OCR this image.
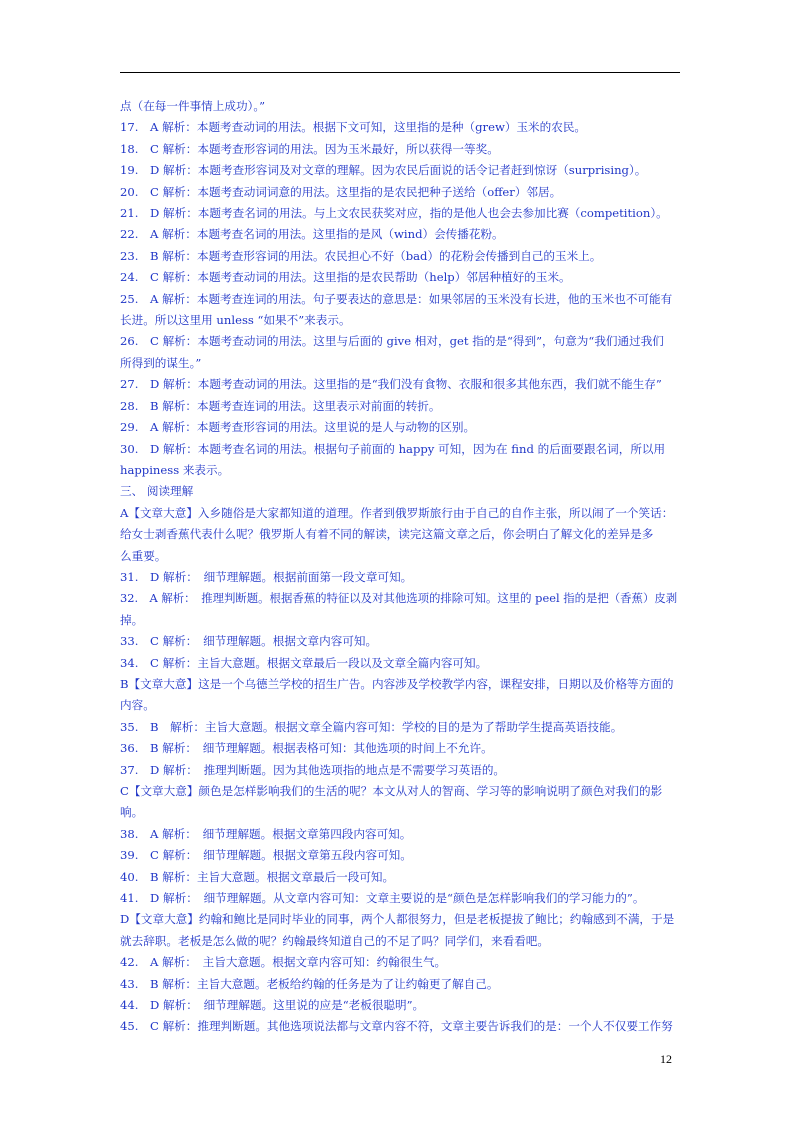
点（在每一件事情上成功）。”

17.　A 解析：本题考查动词的用法。根据下文可知，这里指的是种（grew）玉米的农民。

18.　C 解析：本题考查形容词的用法。因为玉米最好，所以获得一等奖。

19.　D 解析：本题考查形容词及对文章的理解。因为农民后面说的话令记者赶到惊讶（surprising）。

20.　C 解析：本题考查动词词意的用法。这里指的是农民把种子送给（offer）邻居。

21.　D 解析：本题考查名词的用法。与上文农民获奖对应，指的是他人也会去参加比赛（competition）。

22.　A 解析：本题考查名词的用法。这里指的是风（wind）会传播花粉。

23.　B 解析：本题考查形容词的用法。农民担心不好（bad）的花粉会传播到自己的玉米上。

24.　C 解析：本题考查动词的用法。这里指的是农民帮助（help）邻居种植好的玉米。

25.　A 解析：本题考查连词的用法。句子要表达的意思是：如果邻居的玉米没有长进，他的玉米也不可能有

长进。所以这里用 unless “如果不”来表示。

26.　C 解析：本题考查动词的用法。这里与后面的 give 相对，get 指的是“得到”，句意为“我们通过我们

所得到的谋生。”

27.　D 解析：本题考查动词的用法。这里指的是“我们没有食物、衣服和很多其他东西，我们就不能生存”

28.　B 解析：本题考查连词的用法。这里表示对前面的转折。

29.　A 解析：本题考查形容词的用法。这里说的是人与动物的区别。

30.　D 解析：本题考查名词的用法。根据句子前面的 happy 可知，因为在 find 的后面要跟名词，所以用

happiness 来表示。

三、 阅读理解

A【文章大意】入乡随俗是大家都知道的道理。作者到俄罗斯旅行由于自己的自作主张，所以闹了一个笑话：

给女士剥香蕉代表什么呢？俄罗斯人有着不同的解读，读完这篇文章之后，你会明白了解文化的差异是多

么重要。

31.　D 解析：　细节理解题。根据前面第一段文章可知。

32.　A 解析：　推理判断题。根据香蕉的特征以及对其他选项的排除可知。这里的 peel 指的是把（香蕉）皮剥

掉。

33.　C 解析：　细节理解题。根据文章内容可知。

34.　C 解析：主旨大意题。根据文章最后一段以及文章全篇内容可知。

B【文章大意】这是一个乌德兰学校的招生广告。内容涉及学校教学内容，课程安排，日期以及价格等方面的

内容。

35.　B　解析：主旨大意题。根据文章全篇内容可知：学校的目的是为了帮助学生提高英语技能。

36.　B 解析：　细节理解题。根据表格可知：其他选项的时间上不允许。

37.　D 解析：　推理判断题。因为其他选项指的地点是不需要学习英语的。

C【文章大意】颜色是怎样影响我们的生活的呢？本文从对人的智商、学习等的影响说明了颜色对我们的影

响。

38.　A 解析：　细节理解题。根据文章第四段内容可知。

39.　C 解析：　细节理解题。根据文章第五段内容可知。

40.　B 解析：主旨大意题。根据文章最后一段可知。

41.　D 解析：　细节理解题。从文章内容可知：文章主要说的是“颜色是怎样影响我们的学习能力的”。

D【文章大意】约翰和鲍比是同时毕业的同事，两个人都很努力，但是老板提拔了鲍比；约翰感到不满，于是

就去辞职。老板是怎么做的呢？约翰最终知道自己的不足了吗？同学们，来看看吧。

42.　A 解析：　主旨大意题。根据文章内容可知：约翰很生气。

43.　B 解析：主旨大意题。老板给约翰的任务是为了让约翰更了解自己。

44.　D 解析：　细节理解题。这里说的应是“老板很聪明”。

45.　C 解析：推理判断题。其他选项说法都与文章内容不符，文章主要告诉我们的是：一个人不仅要工作努

12
